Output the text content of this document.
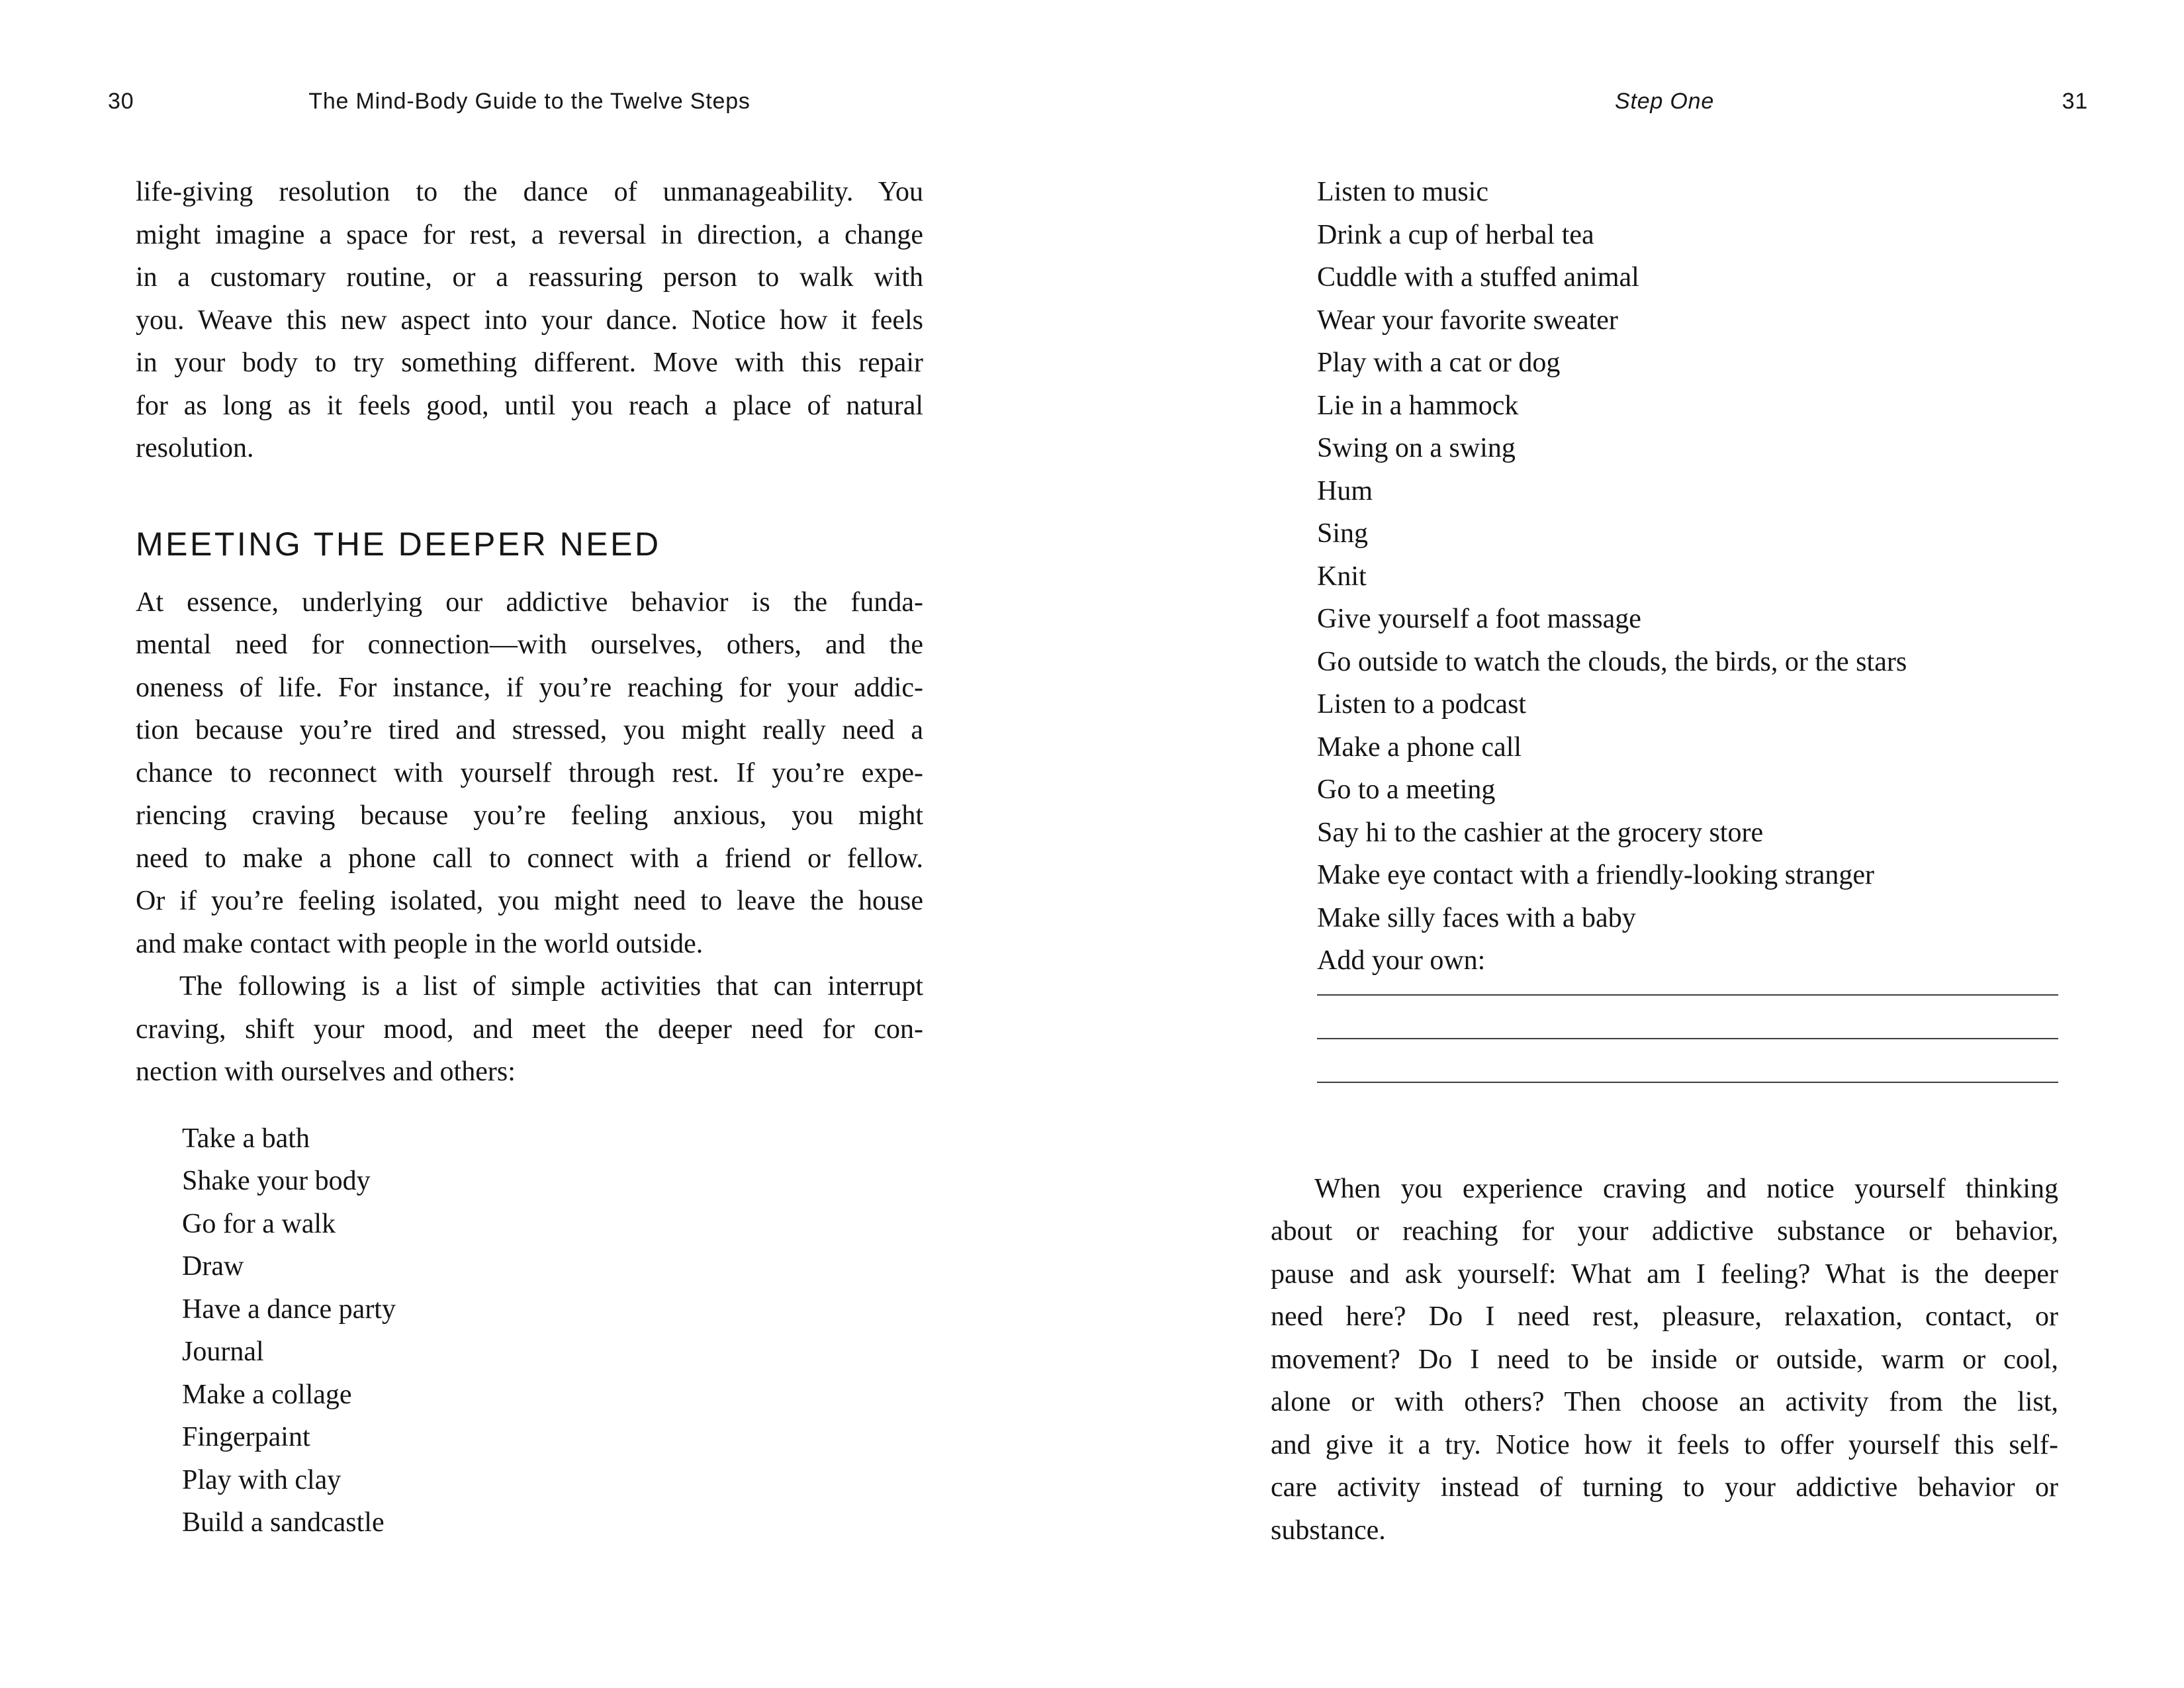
30	The Mind-Body Guide to the Twelve Steps
life-giving resolution to the dance of unmanageability. You
might imagine a space for rest, a reversal in direction, a change
in a customary routine, or a reassuring person to walk with
you. Weave this new aspect into your dance. Notice how it feels
in your body to try something different. Move with this repair
for as long as it feels good, until you reach a place of natural
resolution.
MEETING THE DEEPER NEED
At essence, underlying our addictive behavior is the funda-
mental need for connection—with ourselves, others, and the
oneness of life. For instance, if you’re reaching for your addic-
tion because you’re tired and stressed, you might really need a
chance to reconnect with yourself through rest. If you’re expe-
riencing craving because you’re feeling anxious, you might
need to make a phone call to connect with a friend or fellow.
Or if you’re feeling isolated, you might need to leave the house
and make contact with people in the world outside.
The following is a list of simple activities that can interrupt
craving, shift your mood, and meet the deeper need for con-
nection with ourselves and others:
Take a bath
Shake your body
Go for a walk
Draw
Have a dance party
Journal
Make a collage
Fingerpaint
Play with clay
Build a sandcastle
Step One	31
Listen to music
Drink a cup of herbal tea
Cuddle with a stuffed animal
Wear your favorite sweater
Play with a cat or dog
Lie in a hammock
Swing on a swing
Hum
Sing
Knit
Give yourself a foot massage
Go outside to watch the clouds, the birds, or the stars
Listen to a podcast
Make a phone call
Go to a meeting
Say hi to the cashier at the grocery store
Make eye contact with a friendly-looking stranger
Make silly faces with a baby
Add your own:
When you experience craving and notice yourself thinking
about or reaching for your addictive substance or behavior,
pause and ask yourself: What am I feeling? What is the deeper
need here? Do I need rest, pleasure, relaxation, contact, or
movement? Do I need to be inside or outside, warm or cool,
alone or with others? Then choose an activity from the list,
and give it a try. Notice how it feels to offer yourself this self-
care activity instead of turning to your addictive behavior or
substance.
